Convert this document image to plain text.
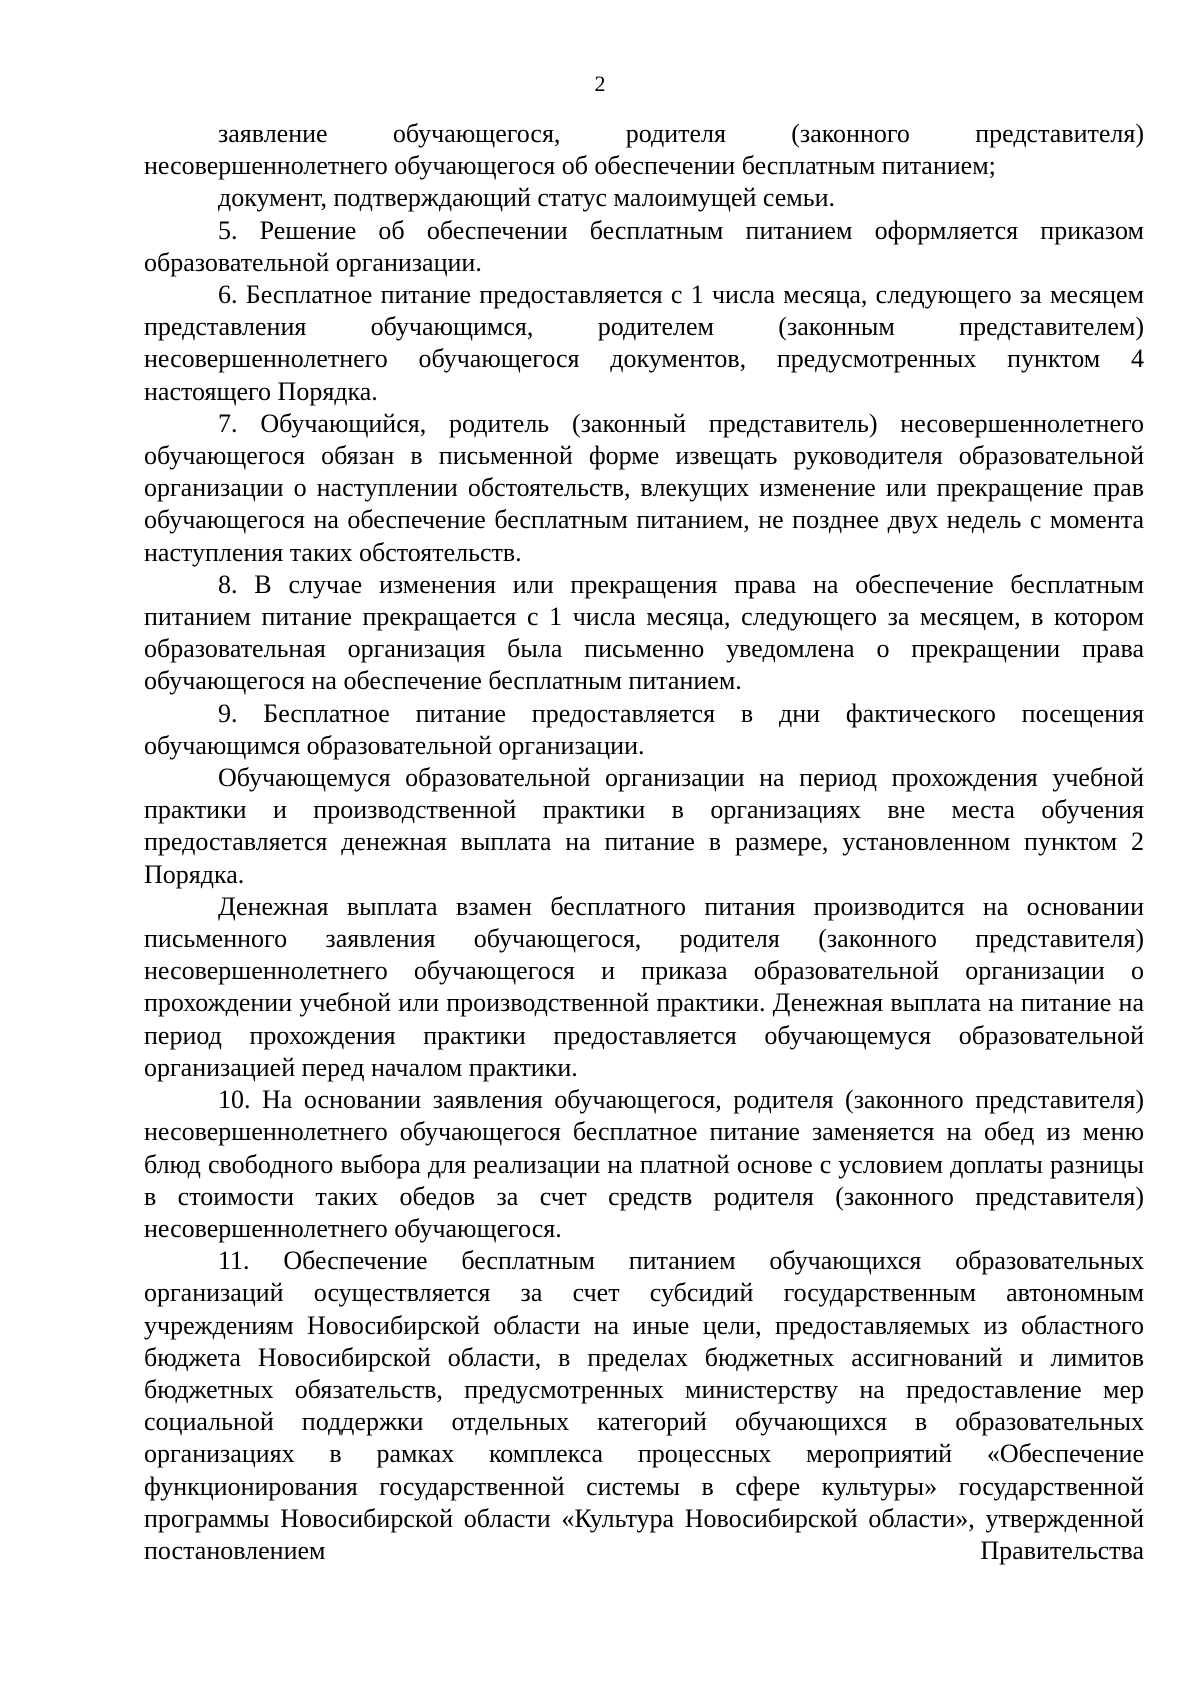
2

заявление обучающегося, родителя (законного представителя) несовершеннолетнего обучающегося об обеспечении бесплатным питанием;

документ, подтверждающий статус малоимущей семьи.

5. Решение об обеспечении бесплатным питанием оформляется приказом образовательной организации.

6. Бесплатное питание предоставляется с 1 числа месяца, следующего за месяцем представления обучающимся, родителем (законным представителем) несовершеннолетнего обучающегося документов, предусмотренных пунктом 4 настоящего Порядка.

7. Обучающийся, родитель (законный представитель) несовершеннолетнего обучающегося обязан в письменной форме извещать руководителя образовательной организации о наступлении обстоятельств, влекущих изменение или прекращение прав обучающегося на обеспечение бесплатным питанием, не позднее двух недель с момента наступления таких обстоятельств.

8. В случае изменения или прекращения права на обеспечение бесплатным питанием питание прекращается с 1 числа месяца, следующего за месяцем, в котором образовательная организация была письменно уведомлена о прекращении права обучающегося на обеспечение бесплатным питанием.

9. Бесплатное питание предоставляется в дни фактического посещения обучающимся образовательной организации.

Обучающемуся образовательной организации на период прохождения учебной практики и производственной практики в организациях вне места обучения предоставляется денежная выплата на питание в размере, установленном пунктом 2 Порядка.

Денежная выплата взамен бесплатного питания производится на основании письменного заявления обучающегося, родителя (законного представителя) несовершеннолетнего обучающегося и приказа образовательной организации о прохождении учебной или производственной практики. Денежная выплата на питание на период прохождения практики предоставляется обучающемуся образовательной организацией перед началом практики.

10. На основании заявления обучающегося, родителя (законного представителя) несовершеннолетнего обучающегося бесплатное питание заменяется на обед из меню блюд свободного выбора для реализации на платной основе с условием доплаты разницы в стоимости таких обедов за счет средств родителя (законного представителя) несовершеннолетнего обучающегося.

11. Обеспечение бесплатным питанием обучающихся образовательных организаций осуществляется за счет субсидий государственным автономным учреждениям Новосибирской области на иные цели, предоставляемых из областного бюджета Новосибирской области, в пределах бюджетных ассигнований и лимитов бюджетных обязательств, предусмотренных министерству на предоставление мер социальной поддержки отдельных категорий обучающихся в образовательных организациях в рамках комплекса процессных мероприятий «Обеспечение функционирования государственной системы в сфере культуры» государственной программы Новосибирской области «Культура Новосибирской области», утвержденной постановлением Правительства
